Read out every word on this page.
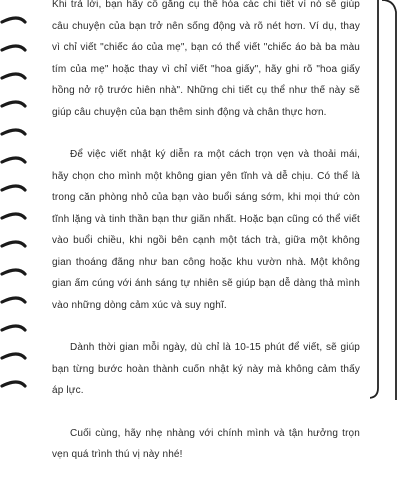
Khi trả lời, bạn hãy cố gắng cụ thể hóa các chi tiết vì nó sẽ giúp câu chuyện của bạn trở nên sống động và rõ nét hơn. Ví dụ, thay vì chỉ viết "chiếc áo của mẹ", bạn có thể viết "chiếc áo bà ba màu tím của mẹ" hoặc thay vì chỉ viết "hoa giấy", hãy ghi rõ "hoa giấy hồng nở rộ trước hiên nhà". Những chi tiết cụ thể như thế này sẽ giúp câu chuyện của bạn thêm sinh động và chân thực hơn.

Để việc viết nhật ký diễn ra một cách trọn vẹn và thoải mái, hãy chọn cho mình một không gian yên tĩnh và dễ chịu. Có thể là trong căn phòng nhỏ của bạn vào buổi sáng sớm, khi mọi thứ còn tĩnh lặng và tinh thần bạn thư giãn nhất. Hoặc bạn cũng có thể viết vào buổi chiều, khi ngồi bên cạnh một tách trà, giữa một không gian thoáng đãng như ban công hoặc khu vườn nhà. Một không gian ấm cúng với ánh sáng tự nhiên sẽ giúp bạn dễ dàng thả mình vào những dòng cảm xúc và suy nghĩ.

Dành thời gian mỗi ngày, dù chỉ là 10-15 phút để viết, sẽ giúp bạn từng bước hoàn thành cuốn nhật ký này mà không cảm thấy áp lực.

Cuối cùng, hãy nhẹ nhàng với chính mình và tận hưởng trọn vẹn quá trình thú vị này nhé!
